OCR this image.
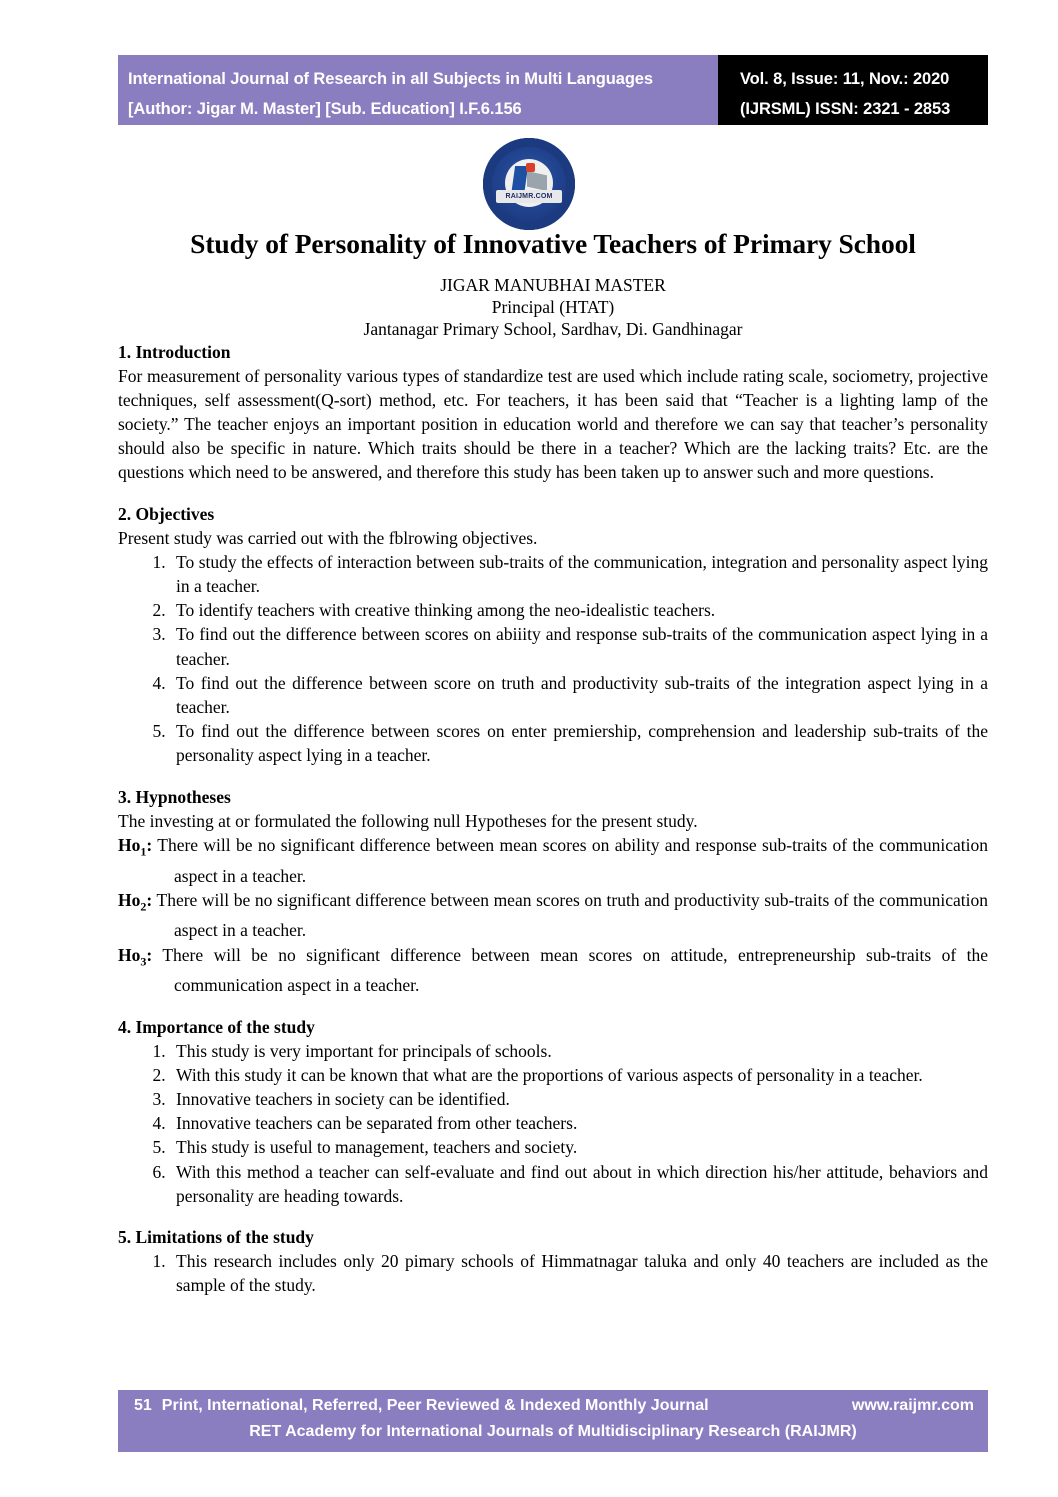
International Journal of Research in all Subjects in Multi Languages
[Author: Jigar M. Master] [Sub. Education] I.F.6.156
Vol. 8, Issue: 11, Nov.: 2020
(IJRSML) ISSN: 2321 - 2853
RAIJMR.COM
Study of Personality of Innovative Teachers of Primary School
JIGAR MANUBHAI MASTER
Principal (HTAT)
Jantanagar Primary School, Sardhav, Di. Gandhinagar
1. Introduction

For measurement of personality various types of standardize test are used which include rating scale, sociometry, projective techniques, self assessment(Q-sort) method, etc. For teachers, it has been said that “Teacher is a lighting lamp of the society.” The teacher enjoys an important position in education world and therefore we can say that teacher’s personality should also be specific in nature. Which traits should be there in a teacher? Which are the lacking traits? Etc. are the questions which need to be answered, and therefore this study has been taken up to answer such and more questions.

2. Objectives

Present study was carried out with the fblrowing objectives.

1. To study the effects of interaction between sub-traits of the communication, integration and personality aspect lying in a teacher.
2. To identify teachers with creative thinking among the neo-idealistic teachers.
3. To find out the difference between scores on abiiity and response sub-traits of the communication aspect lying in a teacher.
4. To find out the difference between score on truth and productivity sub-traits of the integration aspect lying in a teacher.
5. To find out the difference between scores on enter premiership, comprehension and leadership sub-traits of the personality aspect lying in a teacher.
3. Hypnotheses

The investing at or formulated the following null Hypotheses for the present study.

$Ho_1$: There will be no significant difference between mean scores on ability and response sub-traits of the communication aspect in a teacher.

$Ho_2$: There will be no significant difference between mean scores on truth and productivity sub-traits of the communication aspect in a teacher.

$Ho_3$: There will be no significant difference between mean scores on attitude, entrepreneurship sub-traits of the communication aspect in a teacher.

4. Importance of the study
1. This study is very important for principals of schools.
2. With this study it can be known that what are the proportions of various aspects of personality in a teacher.
3. Innovative teachers in society can be identified.
4. Innovative teachers can be separated from other teachers.
5. This study is useful to management, teachers and society.
6. With this method a teacher can self-evaluate and find out about in which direction his/her attitude, behaviors and personality are heading towards.
5. Limitations of the study
1. This research includes only 20 pimary schools of Himmatnagar taluka and only 40 teachers are included as the sample of the study.
51 Print, International, Referred, Peer Reviewed & Indexed Monthly Journal	www.raijmr.com
RET Academy for International Journals of Multidisciplinary Research (RAIJMR)
